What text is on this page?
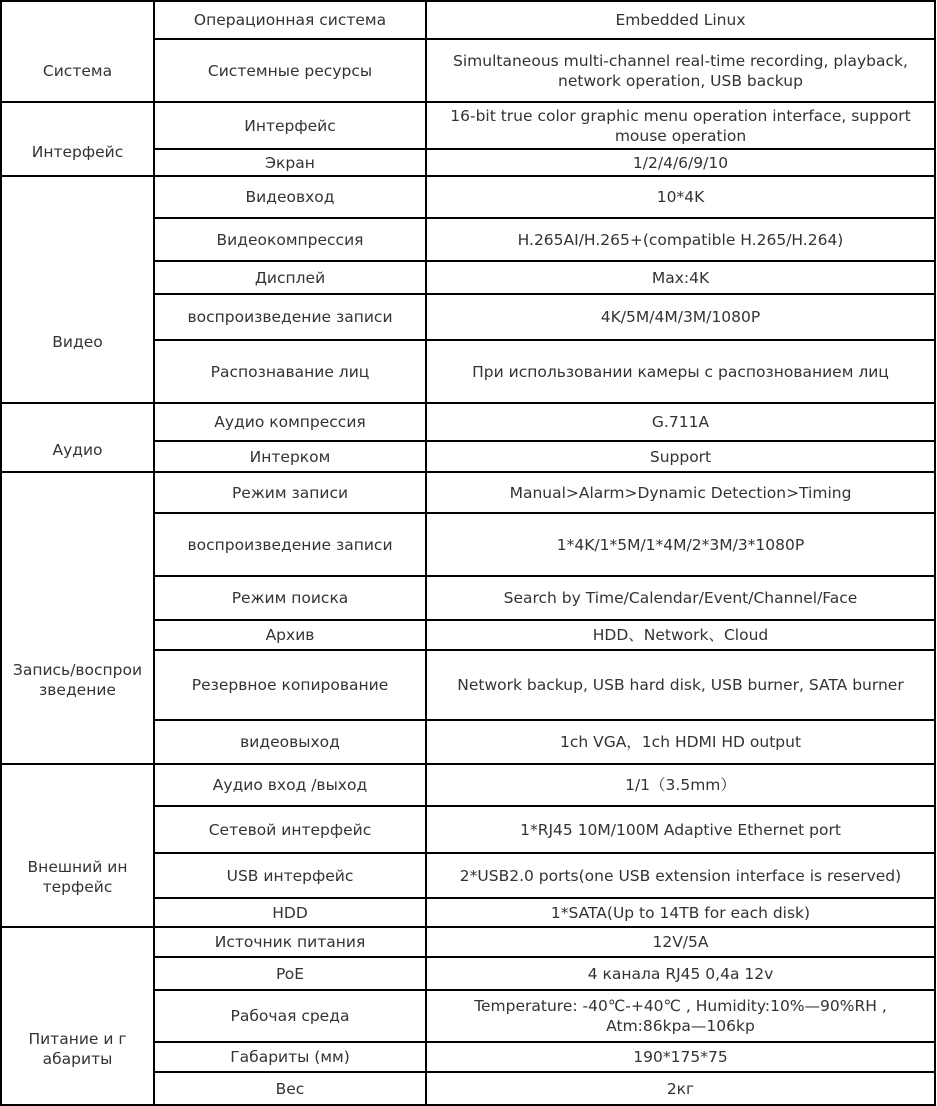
Система	Операционная система	Embedded Linux
	Системные ресурсы	Simultaneous multi-channel real-time recording, playback, network operation, USB backup

Интерфейс	Интерфейс	16-bit true color graphic menu operation interface, support mouse operation
	Экран	1/2/4/6/9/10

Видео	Видеовход	10*4K
	Видеокомпрессия	H.265AI/H.265+(compatible H.265/H.264)
	Дисплей	Max:4K
	воспроизведение записи	4K/5M/4M/3M/1080P
	Распознавание лиц	При использовании камеры с распознованием лиц

Аудио	Аудио компрессия	G.711A
	Интерком	Support

Запись/воспроизведение	Режим записи	Manual>Alarm>Dynamic Detection>Timing
	воспроизведение записи	1*4K/1*5M/1*4M/2*3M/3*1080P
	Режим поиска	Search by Time/Calendar/Event/Channel/Face
	Архив	HDD、Network、Cloud
	Резервное копирование	Network backup, USB hard disk, USB burner, SATA burner
	видеовыход	1ch VGA，1ch HDMI HD output

Внешний интерфейс	Аудио вход /выход	1/1（3.5mm）
	Сетевой интерфейс	1*RJ45 10M/100M Adaptive Ethernet port
	USB интерфейс	2*USB2.0 ports(one USB extension interface is reserved)
	HDD	1*SATA(Up to 14TB for each disk)

Питание и габариты	Источник питания	12V/5A
	PoE	4 канала RJ45 0,4а 12v
	Рабочая среда	Temperature: -40℃-+40℃ , Humidity:10%—90%RH , Atm:86kpa—106kp
	Габариты (мм)	190*175*75
	Вес	2кг
